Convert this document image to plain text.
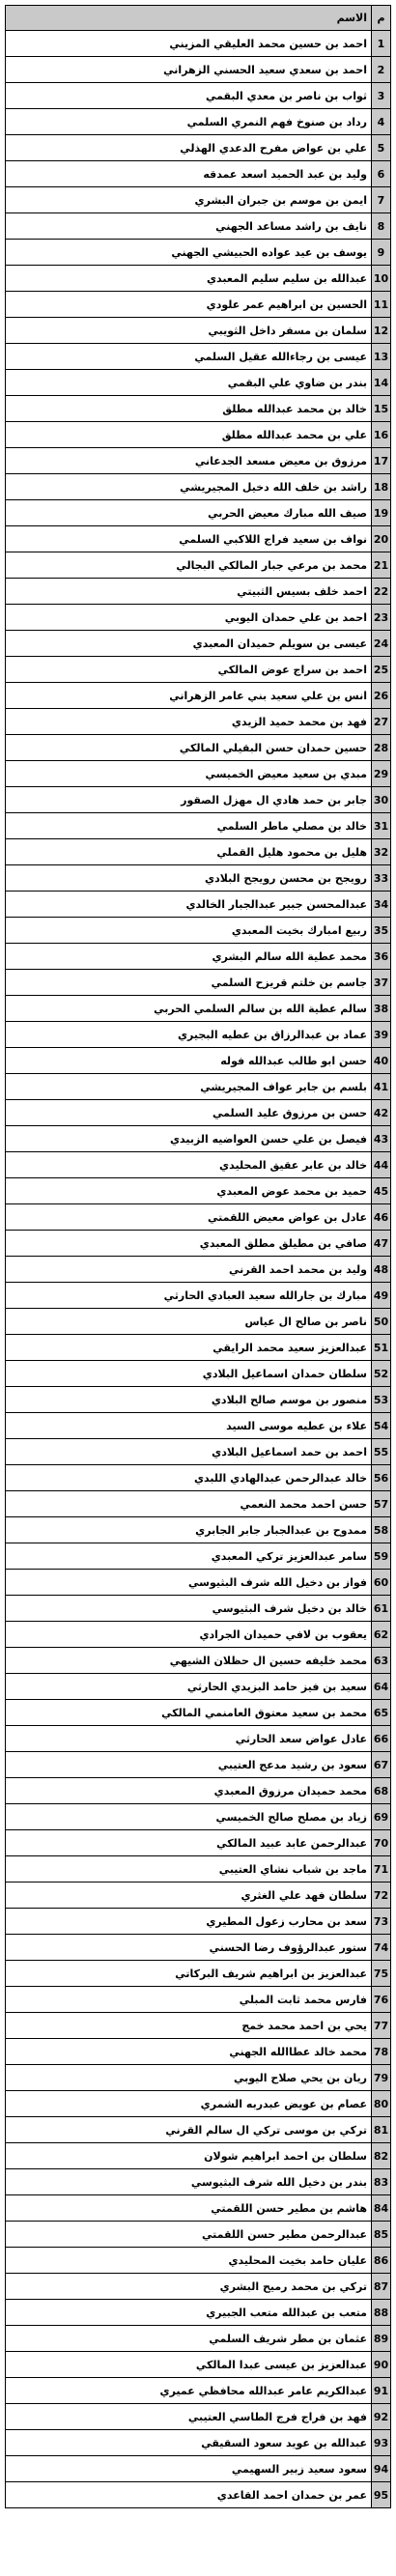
م	الاسم
1	احمد بن حسين محمد العليقي المزيني
2	احمد بن سعدي سعيد الحسني الزهراني
3	ثواب بن ناصر بن معدي البقمي
4	رداد بن صنوخ فهم النمري السلمي
5	علي بن عواض مفرح الدعدي الهذلي
6	وليد بن عبد الحميد اسعد عمدقه
7	ايمن بن موسم بن جبران البشري
8	نايف بن راشد مساعد الجهني
9	يوسف بن عيد عواده الحبيشي الجهني
10	عبدالله بن سليم سليم المعبدي
11	الحسين بن ابراهيم عمر علودي
12	سلمان بن مسفر داخل الثويبي
13	عيسى بن رجاءالله عقيل السلمي
14	بندر بن ضاوي علي البقمي
15	خالد بن محمد عبدالله مطلق
16	علي بن محمد عبدالله مطلق
17	مرزوق بن معيض مسعد الجدعاني
18	راشد بن خلف الله دخيل المجيريشي
19	صيف الله مبارك معيض الحربي
20	نواف بن سعيد فراج اللاكبي السلمي
21	محمد بن مرعي جبار المالكي البجالي
22	احمد خلف بسيس الثبيتي
23	احمد بن علي حمدان اليوبي
24	عيسى بن سويلم حميدان المعبدي
25	احمد بن سراج عوض المالكي
26	انس بن علي سعيد بني عامر الزهراني
27	فهد بن محمد حميد الزيدي
28	حسين حمدان حسن البقيلي المالكي
29	مبدي بن سعيد معيض الخميسي
30	جابر بن حمد هادي ال مهزل الصقور
31	خالد بن مصلي ماطر السلمي
32	هليل بن محمود هليل القملي
33	رويجح بن محسن رويجح البلادي
34	عبدالمحسن جبير عبدالجبار الخالدي
35	ربيع امبارك بخيت المعبدي
36	محمد عطية الله سالم البشري
37	جاسم بن خلتم قريزح السلمي
38	سالم عطية الله بن سالم السلمي الحربي
39	عماد بن عبدالرزاق بن عطيه البجيري
40	حسن ابو طالب عبدالله فوله
41	بلسم بن جابر عواف المجيريشي
42	حسن بن مرزوق عليد السلمي
43	فيصل بن علي حسن العواضيه الزبيدي
44	خالد بن عابر عقيق المحليدي
45	حميد بن محمد عوض المعبدي
46	عادل بن عواض معيض اللقمتي
47	صافي بن مطيلق مطلق المعبدي
48	وليد بن محمد احمد القرني
49	مبارك بن جارالله سعيد العبادي الحارثي
50	ناصر بن صالح ال عياس
51	عبدالعزيز سعيد محمد الرايقي
52	سلطان حمدان اسماعيل البلادي
53	منصور بن موسم صالح البلادي
54	علاء بن عطيه موسى السيد
55	احمد بن حمد اسماعيل البلادي
56	خالد عبدالرحمن عبدالهادي اللبدي
57	حسن احمد محمد النعمي
58	ممدوح بن عبدالجبار جابر الجابري
59	سامر عبدالعزيز تركي المعبدي
60	فواز بن دخيل الله شرف البثيوسي
61	خالد بن دخيل شرف البثيوسي
62	يعقوب بن لافي حميدان الجرادي
63	محمد خليفه حسين ال حظلان الشيهي
64	سعيد بن فيز حامد البزيدي الحارثي
65	محمد بن سعيد معتوق العامنمي المالكي
66	عادل عواض سعد الحارثي
67	سعود بن رشيد مدعج العتيبي
68	محمد حميدان مرزوق المعبدي
69	زياد بن مصلح صالح الخميسي
70	عبدالرحمن عابد عبيد المالكي
71	ماجد بن شباب نشاي العتيبي
72	سلطان فهد علي الغثري
73	سعد بن محارب زعول المطيري
74	ستور عبدالرؤوف رضا الحسني
75	عبدالعزيز بن ابراهيم شريف البركاتي
76	فارس محمد ثابت المبلي
77	يحي بن احمد محمد خمج
78	محمد خالد عطاالله الجهني
79	ريان بن يحي صلاح اليوبي
80	عصام بن عويض عبدربه الشمري
81	تركي بن موسى تركي ال سالم القرني
82	سلطان بن احمد ابراهيم شولان
83	بندر بن دخيل الله شرف البثيوسي
84	هاشم بن مطير حسن اللقمتي
85	عبدالرحمن مطير حسن اللقمتي
86	عليان حامد بخيت المحليدي
87	تركي بن محمد رميح البشري
88	متعب بن عبدالله متعب الجبيري
89	عثمان بن مطر شريف السلمي
90	عبدالعزيز بن عيسى عبدا المالكي
91	عبدالكريم عامر عبدالله محافظي عميري
92	فهد بن فراج فرج الطاسي العتيبي
93	عبدالله بن عويد سعود السقيقي
94	سعود سعيد زبير السهيمي
95	عمر بن حمدان احمد القاعدي
